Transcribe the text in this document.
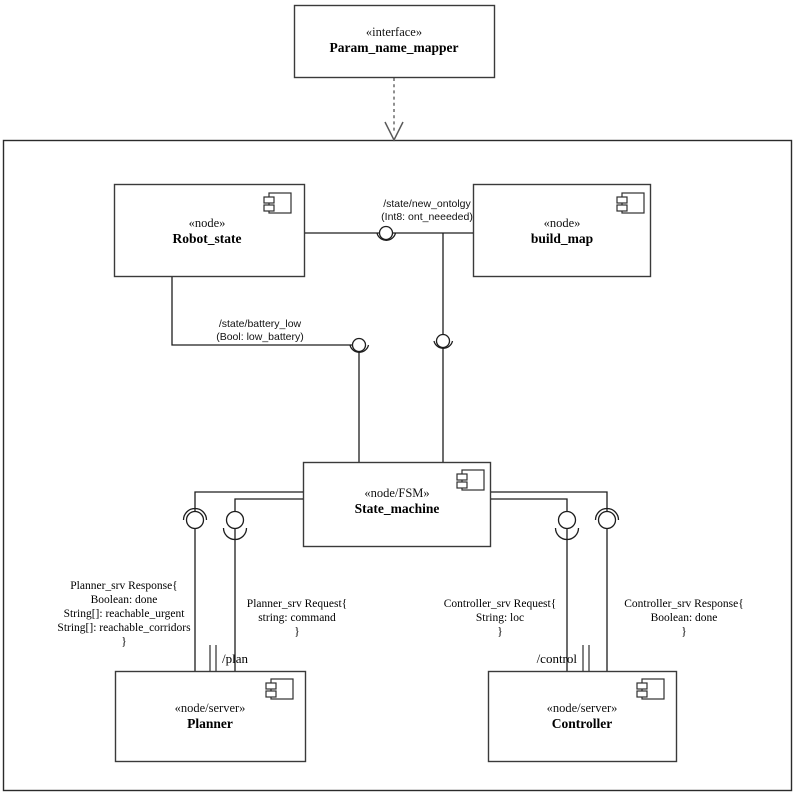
«interface»
Param_name_mapper
«node»
Robot_state
«node»
build_map
/state/new_ontolgy
(Int8: ont_neeeded)
/state/battery_low
(Bool: low_battery)
«node/FSM»
State_machine
/plan
Planner_srv Response{
Boolean: done
String[]: reachable_urgent
String[]: reachable_corridors
}
Planner_srv Request{
string: command
}
«node/server»
Planner
/control
Controller_srv Request{
String: loc
}
Controller_srv Response{
Boolean: done
}
«node/server»
Controller
